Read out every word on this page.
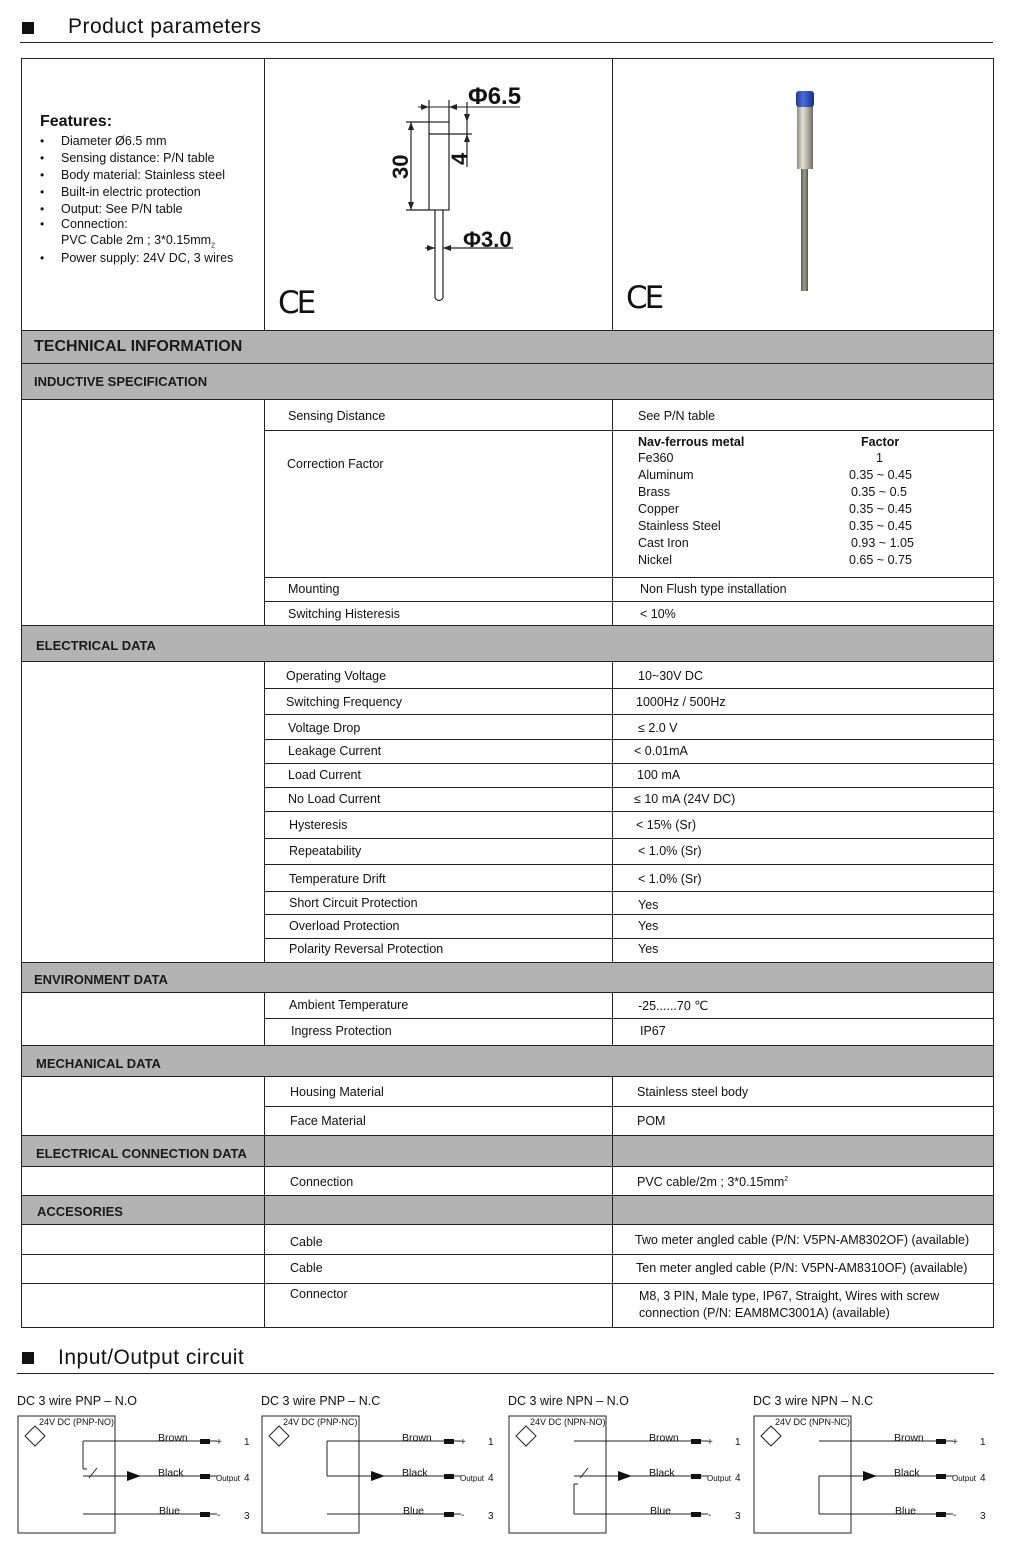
Product parameters
Features:
• Diameter Ø6.5 mm
• Sensing distance: P/N table
• Body material: Stainless steel
• Built-in electric protection
• Output: See P/N table
• Connection:
PVC Cable 2m ; $3*0.15mm_2$
• Power supply: 24V DC, 3 wires
Φ6.5
30 4
Φ3.0
CE	CE
TECHNICAL INFORMATION
INDUCTIVE SPECIFICATION
ELECTRICAL DATA
ENVIRONMENT DATA
MECHANICAL DATA
ELECTRICAL CONNECTION DATA
ACCESORIES
Sensing Distance	See P/N table
Correction Factor
Nav-ferrous metal	Factor
Fe360	1
Aluminum	0.35 ~ 0.45
Brass	0.35 ~ 0.5
Copper	0.35 ~ 0.45
Stainless Steel	0.35 ~ 0.45
Cast Iron	0.93 ~ 1.05
Nickel	0.65 ~ 0.75
Mounting	Non Flush type installation
Switching Histeresis	< 10%
Operating Voltage	10~30V DC
Switching Frequency	1000Hz / 500Hz
Voltage Drop	≤ 2.0 V
Leakage Current	< 0.01mA
Load Current	100 mA
No Load Current	≤ 10 mA (24V DC)
Hysteresis	< 15% (Sr)
Repeatability	< 1.0% (Sr)
Temperature Drift	< 1.0% (Sr)
Short Circuit Protection	Yes
Overload Protection	Yes
Polarity Reversal Protection	Yes
Ambient Temperature	-25......70 ℃
Ingress Protection	IP67
Housing Material	Stainless steel body
Face Material	POM
Connection	PVC cable/2m ; $3*0.15mm^2$
Cable	Two meter angled cable (P/N: V5PN-AM8302OF) (available)
Cable	Ten meter angled cable (P/N: V5PN-AM8310OF) (available)
Connector	M8, 3 PIN, Male type, IP67, Straight, Wires with screw
connection (P/N: EAM8MC3001A) (available)
Input/Output circuit
DC 3 wire PNP – N.O
24V DC (PNP-NO)
Brown
Black
Blue
+
Output
-
1
4
3
DC 3 wire PNP – N.C
24V DC (PNP-NC)
Brown
Black
Blue
+
Output
-
1
4
3
DC 3 wire NPN – N.O
24V DC (NPN-NO)
Brown
Black
Blue
+
Output
-
1
4
3
DC 3 wire NPN – N.C
24V DC (NPN-NC)
Brown
Black
Blue
+
Output
-
1
4
3
